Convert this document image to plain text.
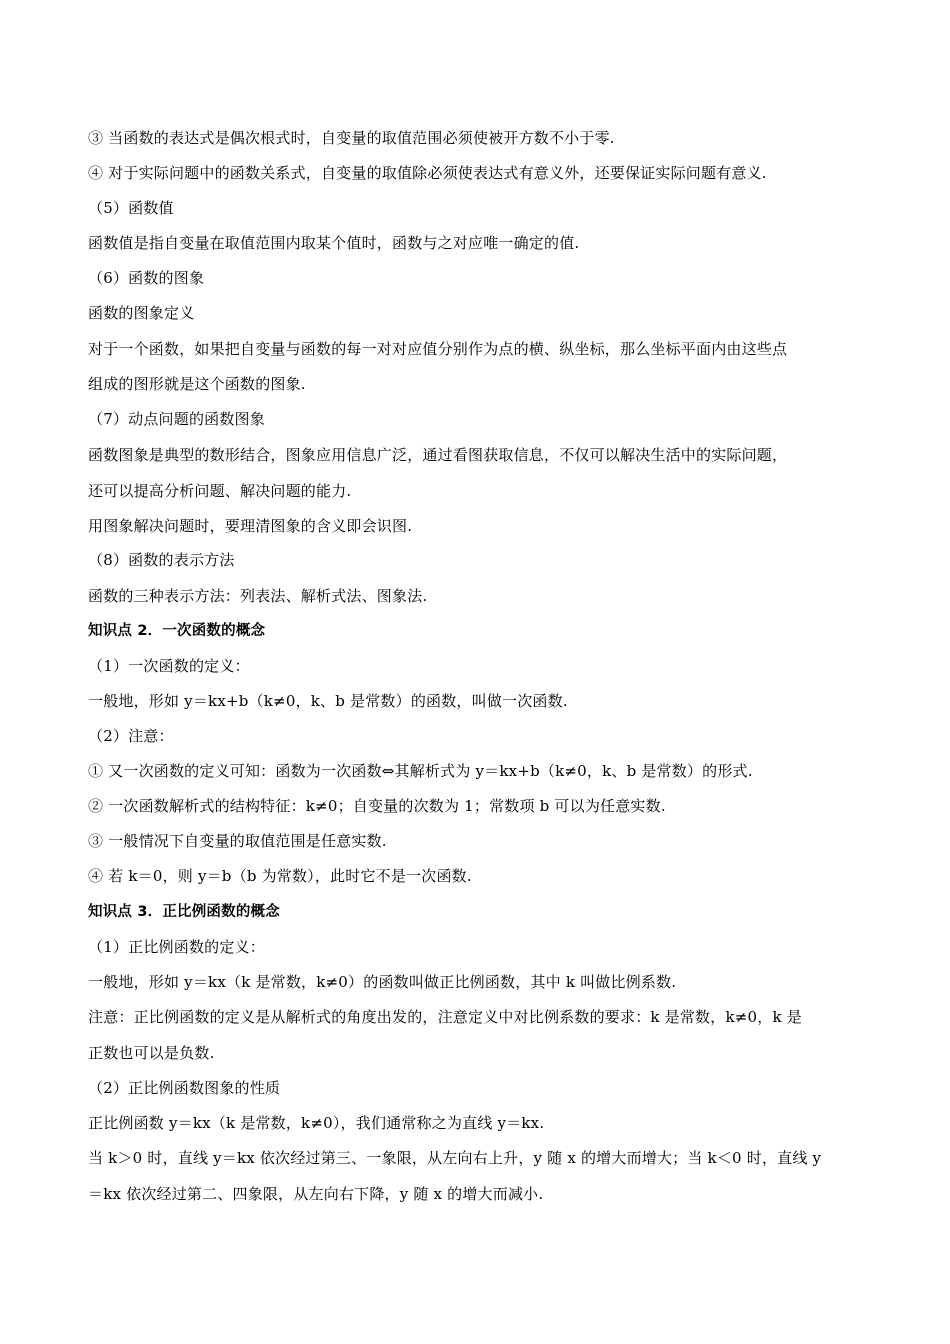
③ 当函数的表达式是偶次根式时，自变量的取值范围必须使被开方数不小于零.
④ 对于实际问题中的函数关系式，自变量的取值除必须使表达式有意义外，还要保证实际问题有意义.
（5）函数值
函数值是指自变量在取值范围内取某个值时，函数与之对应唯一确定的值.
（6）函数的图象
函数的图象定义
对于一个函数，如果把自变量与函数的每一对对应值分别作为点的横、纵坐标，那么坐标平面内由这些点
组成的图形就是这个函数的图象.
（7）动点问题的函数图象
函数图象是典型的数形结合，图象应用信息广泛，通过看图获取信息，不仅可以解决生活中的实际问题，
还可以提高分析问题、解决问题的能力.
用图象解决问题时，要理清图象的含义即会识图.
（8）函数的表示方法
函数的三种表示方法：列表法、解析式法、图象法.
知识点 2．一次函数的概念
（1）一次函数的定义：
一般地，形如 y＝kx+b（k≠0，k、b 是常数）的函数，叫做一次函数.
（2）注意：
① 又一次函数的定义可知：函数为一次函数⇔其解析式为 y＝kx+b（k≠0，k、b 是常数）的形式.
② 一次函数解析式的结构特征：k≠0；自变量的次数为 1；常数项 b 可以为任意实数.
③ 一般情况下自变量的取值范围是任意实数.
④ 若 k＝0，则 y＝b（b 为常数），此时它不是一次函数.
知识点 3．正比例函数的概念
（1）正比例函数的定义：
一般地，形如 y＝kx（k 是常数，k≠0）的函数叫做正比例函数，其中 k 叫做比例系数.
注意：正比例函数的定义是从解析式的角度出发的，注意定义中对比例系数的要求：k 是常数，k≠0，k 是
正数也可以是负数.
（2）正比例函数图象的性质
正比例函数 y＝kx（k 是常数，k≠0），我们通常称之为直线 y＝kx.
当 k＞0 时，直线 y＝kx 依次经过第三、一象限，从左向右上升，y 随 x 的增大而增大；当 k＜0 时，直线 y
＝kx 依次经过第二、四象限，从左向右下降，y 随 x 的增大而减小.
